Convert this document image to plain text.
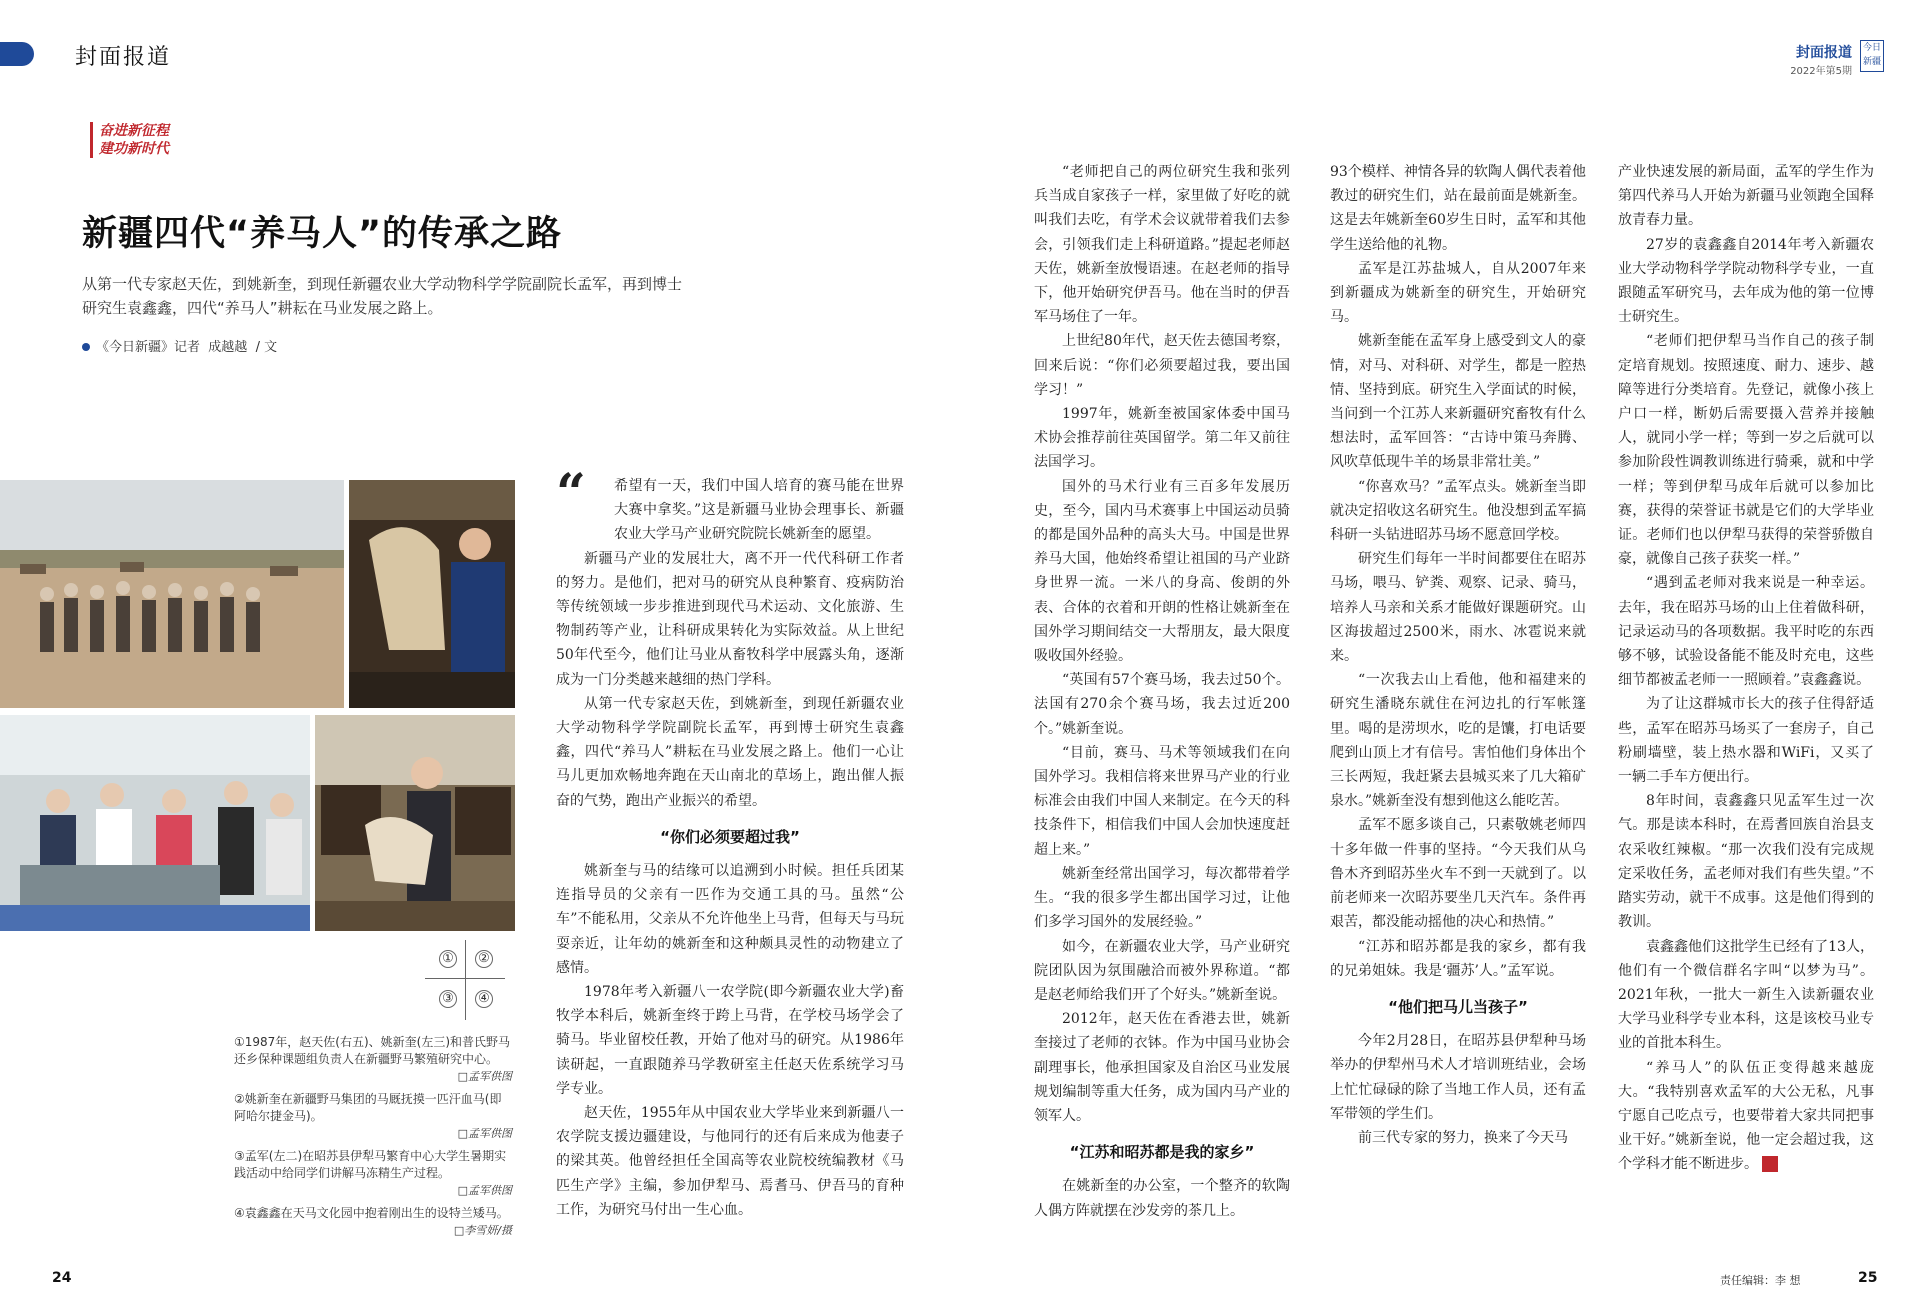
封面报道	封面报道
2022年第5期
今日新疆
奋进新征程
建功新时代
新疆四代“养马人”的传承之路
从第一代专家赵天佐，到姚新奎，到现任新疆农业大学动物科学学院副院长孟军，再到博士研究生袁鑫鑫，四代“养马人”耕耘在马业发展之路上。
《今日新疆》记者 成越越 / 文
① ②
③ ④
①1987年，赵天佐(右五)、姚新奎(左三)和普氏野马还乡保种课题组负责人在新疆野马繁殖研究中心。
□孟军供图
②姚新奎在新疆野马集团的马厩抚摸一匹汗血马(即阿哈尔捷金马)。
□孟军供图
③孟军(左二)在昭苏县伊犁马繁育中心大学生暑期实践活动中给同学们讲解马冻精生产过程。
□孟军供图
④袁鑫鑫在天马文化园中抱着刚出生的设特兰矮马。
□李雪妍/摄
“	希望有一天，我们中国人培育的赛马能在世界大赛中拿奖。”这是新疆马业协会理事长、新疆农业大学马产业研究院院长姚新奎的愿望。

新疆马产业的发展壮大，离不开一代代科研工作者的努力。是他们，把对马的研究从良种繁育、疫病防治等传统领域一步步推进到现代马术运动、文化旅游、生物制药等产业，让科研成果转化为实际效益。从上世纪50年代至今，他们让马业从畜牧科学中展露头角，逐渐成为一门分类越来越细的热门学科。

从第一代专家赵天佐，到姚新奎，到现任新疆农业大学动物科学学院副院长孟军，再到博士研究生袁鑫鑫，四代“养马人”耕耘在马业发展之路上。他们一心让马儿更加欢畅地奔跑在天山南北的草场上，跑出催人振奋的气势，跑出产业振兴的希望。

“你们必须要超过我”

姚新奎与马的结缘可以追溯到小时候。担任兵团某连指导员的父亲有一匹作为交通工具的马。虽然“公车”不能私用，父亲从不允许他坐上马背，但每天与马玩耍亲近，让年幼的姚新奎和这种颇具灵性的动物建立了感情。

1978年考入新疆八一农学院(即今新疆农业大学)畜牧学本科后，姚新奎终于跨上马背，在学校马场学会了骑马。毕业留校任教，开始了他对马的研究。从1986年读研起，一直跟随养马学教研室主任赵天佐系统学习马学专业。

赵天佐，1955年从中国农业大学毕业来到新疆八一农学院支援边疆建设，与他同行的还有后来成为他妻子的梁其英。他曾经担任全国高等农业院校统编教材《马匹生产学》主编，参加伊犁马、焉耆马、伊吾马的育种工作，为研究马付出一生心血。

“老师把自己的两位研究生我和张列兵当成自家孩子一样，家里做了好吃的就叫我们去吃，有学术会议就带着我们去参会，引领我们走上科研道路。”提起老师赵天佐，姚新奎放慢语速。在赵老师的指导下，他开始研究伊吾马。他在当时的伊吾军马场住了一年。

上世纪80年代，赵天佐去德国考察，回来后说：“你们必须要超过我，要出国学习！”

1997年，姚新奎被国家体委中国马术协会推荐前往英国留学。第二年又前往法国学习。

国外的马术行业有三百多年发展历史，至今，国内马术赛事上中国运动员骑的都是国外品种的高头大马。中国是世界养马大国，他始终希望让祖国的马产业跻身世界一流。一米八的身高、俊朗的外表、合体的衣着和开朗的性格让姚新奎在国外学习期间结交一大帮朋友，最大限度吸收国外经验。

“英国有57个赛马场，我去过50个。法国有270余个赛马场，我去过近200个。”姚新奎说。

“目前，赛马、马术等领域我们在向国外学习。我相信将来世界马产业的行业标准会由我们中国人来制定。在今天的科技条件下，相信我们中国人会加快速度赶超上来。”

姚新奎经常出国学习，每次都带着学生。“我的很多学生都出国学习过，让他们多学习国外的发展经验。”

如今，在新疆农业大学，马产业研究院团队因为氛围融洽而被外界称道。“都是赵老师给我们开了个好头。”姚新奎说。

2012年，赵天佐在香港去世，姚新奎接过了老师的衣钵。作为中国马业协会副理事长，他承担国家及自治区马业发展规划编制等重大任务，成为国内马产业的领军人。

“江苏和昭苏都是我的家乡”

在姚新奎的办公室，一个整齐的软陶人偶方阵就摆在沙发旁的茶几上。

93个模样、神情各异的软陶人偶代表着他教过的研究生们，站在最前面是姚新奎。这是去年姚新奎60岁生日时，孟军和其他学生送给他的礼物。

孟军是江苏盐城人，自从2007年来到新疆成为姚新奎的研究生，开始研究马。

姚新奎能在孟军身上感受到文人的豪情，对马、对科研、对学生，都是一腔热情、坚持到底。研究生入学面试的时候，当问到一个江苏人来新疆研究畜牧有什么想法时，孟军回答：“古诗中策马奔腾、风吹草低现牛羊的场景非常壮美。”

“你喜欢马？”孟军点头。姚新奎当即就决定招收这名研究生。他没想到孟军搞科研一头钻进昭苏马场不愿意回学校。

研究生们每年一半时间都要住在昭苏马场，喂马、铲粪、观察、记录、骑马，培养人马亲和关系才能做好课题研究。山区海拔超过2500米，雨水、冰雹说来就来。

“一次我去山上看他，他和福建来的研究生潘晓东就住在河边扎的行军帐篷里。喝的是涝坝水，吃的是馕，打电话要爬到山顶上才有信号。害怕他们身体出个三长两短，我赶紧去县城买来了几大箱矿泉水。”姚新奎没有想到他这么能吃苦。

孟军不愿多谈自己，只素敬姚老师四十多年做一件事的坚持。“今天我们从乌鲁木齐到昭苏坐火车不到一天就到了。以前老师来一次昭苏要坐几天汽车。条件再艰苦，都没能动摇他的决心和热情。”

“江苏和昭苏都是我的家乡，都有我的兄弟姐妹。我是‘疆苏’人。”孟军说。

“他们把马儿当孩子”

今年2月28日，在昭苏县伊犁种马场举办的伊犁州马术人才培训班结业，会场上忙忙碌碌的除了当地工作人员，还有孟军带领的学生们。

前三代专家的努力，换来了今天马

产业快速发展的新局面，孟军的学生作为第四代养马人开始为新疆马业领跑全国释放青春力量。

27岁的袁鑫鑫自2014年考入新疆农业大学动物科学学院动物科学专业，一直跟随孟军研究马，去年成为他的第一位博士研究生。

“老师们把伊犁马当作自己的孩子制定培育规划。按照速度、耐力、速步、越障等进行分类培育。先登记，就像小孩上户口一样，断奶后需要摄入营养并接触人，就同小学一样；等到一岁之后就可以参加阶段性调教训练进行骑乘，就和中学一样；等到伊犁马成年后就可以参加比赛，获得的荣誉证书就是它们的大学毕业证。老师们也以伊犁马获得的荣誉骄傲自豪，就像自己孩子获奖一样。”

“遇到孟老师对我来说是一种幸运。去年，我在昭苏马场的山上住着做科研，记录运动马的各项数据。我平时吃的东西够不够，试验设备能不能及时充电，这些细节都被孟老师一一照顾着。”袁鑫鑫说。

为了让这群城市长大的孩子住得舒适些，孟军在昭苏马场买了一套房子，自己粉刷墙壁，装上热水器和WiFi，又买了一辆二手车方便出行。

8年时间，袁鑫鑫只见孟军生过一次气。那是读本科时，在焉耆回族自治县支农采收红辣椒。“那一次我们没有完成规定采收任务，孟老师对我们有些失望。”不踏实劳动，就干不成事。这是他们得到的教训。

袁鑫鑫他们这批学生已经有了13人，他们有一个微信群名字叫“以梦为马”。2021年秋，一批大一新生入读新疆农业大学马业科学专业本科，这是该校马业专业的首批本科生。

“养马人”的队伍正变得越来越庞大。“我特别喜欢孟军的大公无私，凡事宁愿自己吃点亏，也要带着大家共同把事业干好。”姚新奎说，他一定会超过我，这个学科才能不断进步。	J

24	责任编辑：李 想	25
